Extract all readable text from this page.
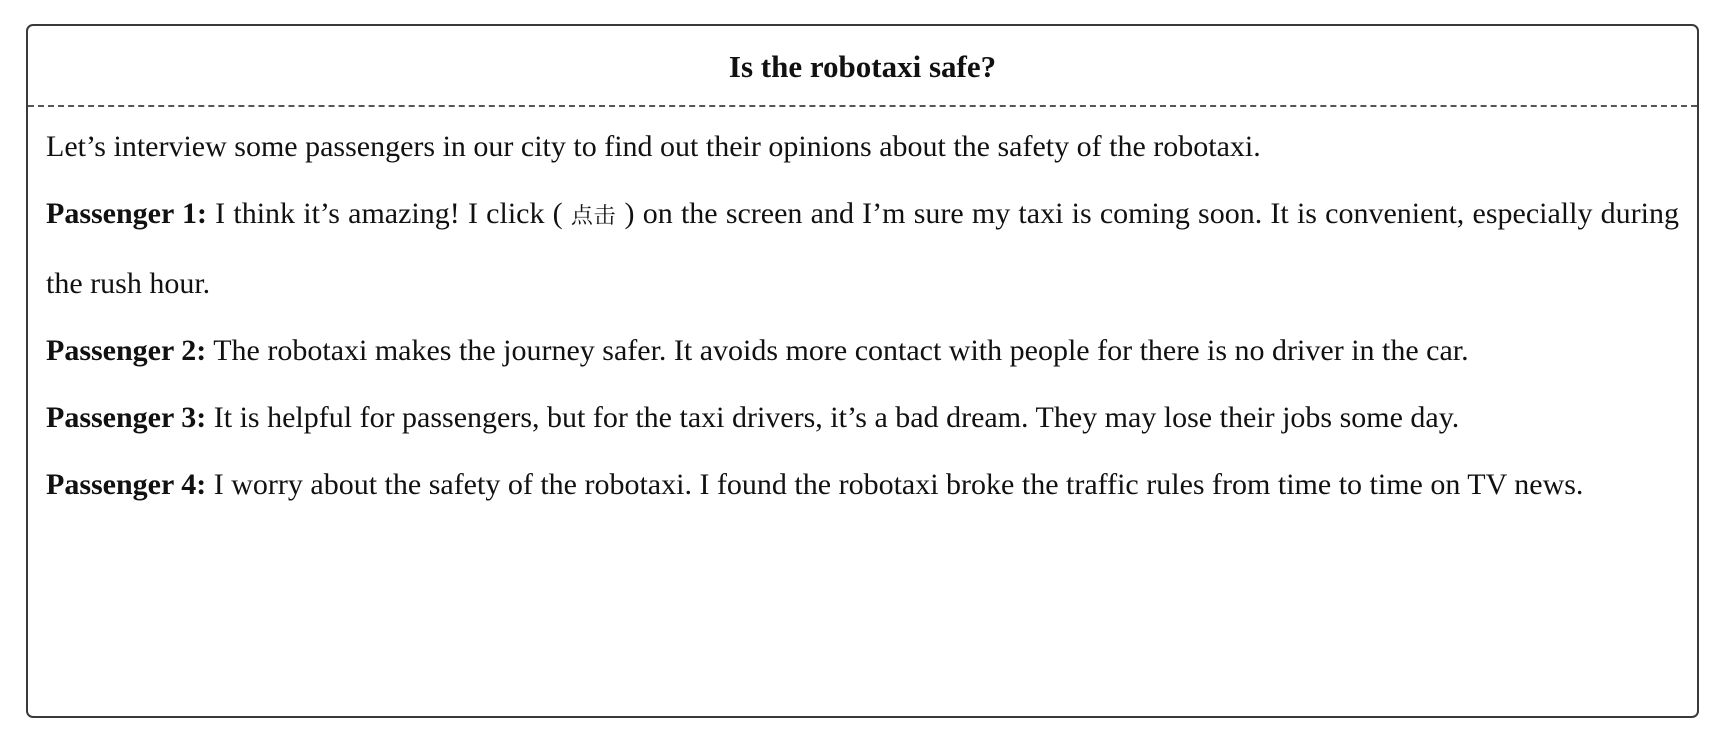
Is the robotaxi safe?

Let’s interview some passengers in our city to find out their opinions about the safety of the robotaxi.

Passenger 1: I think it’s amazing! I click ( 点击 ) on the screen and I’m sure my taxi is coming soon. It is convenient, especially during the rush hour.

Passenger 2: The robotaxi makes the journey safer. It avoids more contact with people for there is no driver in the car.

Passenger 3: It is helpful for passengers, but for the taxi drivers, it’s a bad dream. They may lose their jobs some day.

Passenger 4: I worry about the safety of the robotaxi. I found the robotaxi broke the traffic rules from time to time on TV news.
